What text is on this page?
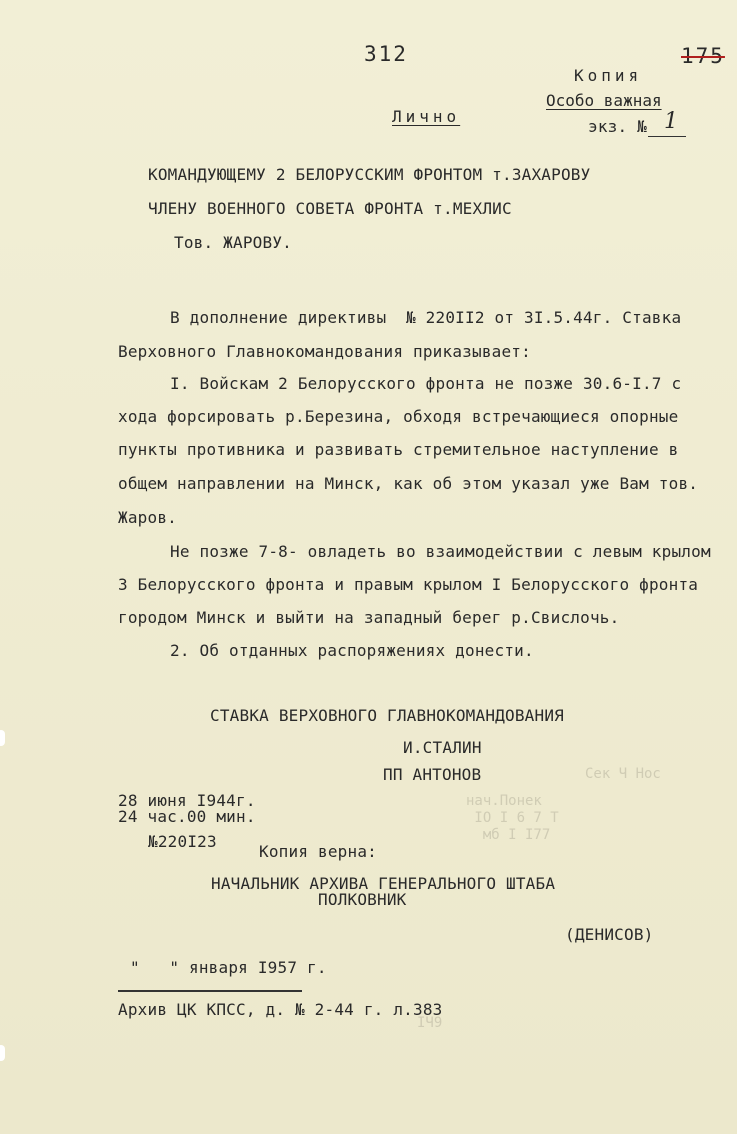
312	175
Копия
Особо важная
экз. № 1
Лично
КОМАНДУЮЩЕМУ 2 БЕЛОРУССКИМ ФРОНТОМ т.ЗАХАРОВУ
ЧЛЕНУ ВОЕННОГО СОВЕТА ФРОНТА т.МЕХЛИС
Тов. ЖАРОВУ.
В дополнение директивы  № 220II2 от 3I.5.44г. Ставка
Верховного Главнокомандования приказывает:
I. Войскам 2 Белорусского фронта не позже 30.6-I.7 с
хода форсировать р.Березина, обходя встречающиеся опорные
пункты противника и развивать стремительное наступление в
общем направлении на Минск, как об этом указал уже Вам тов.
Жаров.
Не позже 7-8- овладеть во взаимодействии с левым крылом
3 Белорусского фронта и правым крылом I Белорусского фронта
городом Минск и выйти на западный берег р.Свислочь.
2. Об отданных распоряжениях донести.
СТАВКА ВЕРХОВНОГО ГЛАВНОКОМАНДОВАНИЯ
И.СТАЛИН
ПП АНТОНОВ	Сек Ч Нос
нач.Понек
IO I 6 7 Т
мб I I77
IЧ9
28 июня I944г.
24 час.00 мин.
№220I23
Копия верна:
НАЧАЛЬНИК АРХИВА ГЕНЕРАЛЬНОГО ШТАБА
ПОЛКОВНИК
(ДЕНИСОВ)
"   " января I957 г.
Архив ЦК КПСС, д. № 2-44 г. л.383
